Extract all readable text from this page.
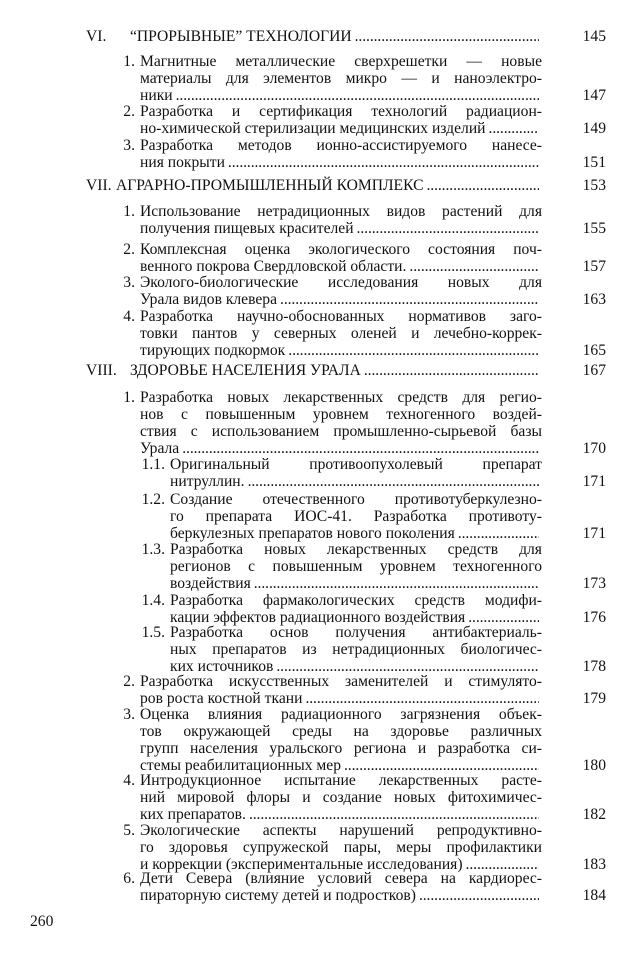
VI.	“ПРОРЫВНЫЕ” ТЕХНОЛОГИИ . . .	145
1. Магнитные металлические сверхрешетки — новые
материалы для элементов микро — и наноэлектро-
ники . . .	147
2. Разработка и сертификация технологий радиацион-
но-химической стерилизации медицинских изделий . . .	149
3. Разработка методов ионно-ассистируемого нанесе-
ния покрыти . . .	151
VII. АГРАРНО-ПРОМЫШЛЕННЫЙ КОМПЛЕКС . . .	153
1. Использование нетрадиционных видов растений для
получения пищевых красителей . . .	155
2. Комплексная оценка экологического состояния поч-
венного покрова Свердловской области. . . .	157
3. Эколого-биологические исследования новых для
Урала видов клевера . . .	163
4. Разработка научно-обоснованных нормативов заго-
товки пантов у северных оленей и лечебно-коррек-
тирующих подкормок . . .	165
VIII. ЗДОРОВЬЕ НАСЕЛЕНИЯ УРАЛА . . .	167
1. Разработка новых лекарственных средств для регио-
нов с повышенным уровнем техногенного воздей-
ствия с использованием промышленно-сырьевой базы
Урала . . .	170
1.1. Оригинальный противоопухолевый препарат
нитруллин. . . .	171
1.2. Создание отечественного противотуберкулезно-
го препарата ИОС-41. Разработка противоту-
беркулезных препаратов нового поколения . . .	171
1.3. Разработка новых лекарственных средств для
регионов с повышенным уровнем техногенного
воздействия . . .	173
1.4. Разработка фармакологических средств модифи-
кации эффектов радиационного воздействия . . .	176
1.5. Разработка основ получения антибактериаль-
ных препаратов из нетрадиционных биологичес-
ких источников . . .	178
2. Разработка искусственных заменителей и стимулято-
ров роста костной ткани . . .	179
3. Оценка влияния радиационного загрязнения объек-
тов окружающей среды на здоровье различных
групп населения уральского региона и разработка си-
стемы реабилитационных мер . . .	180
4. Интродукционное испытание лекарственных расте-
ний мировой флоры и создание новых фитохимичес-
ких препаратов. . . .	182
5. Экологические аспекты нарушений репродуктивно-
го здоровья супружеской пары, меры профилактики
и коррекции (экспериментальные исследования) . . .	183
6. Дети Севера (влияние условий севера на кардиорес-
пираторную систему детей и подростков) . . .	184
260
